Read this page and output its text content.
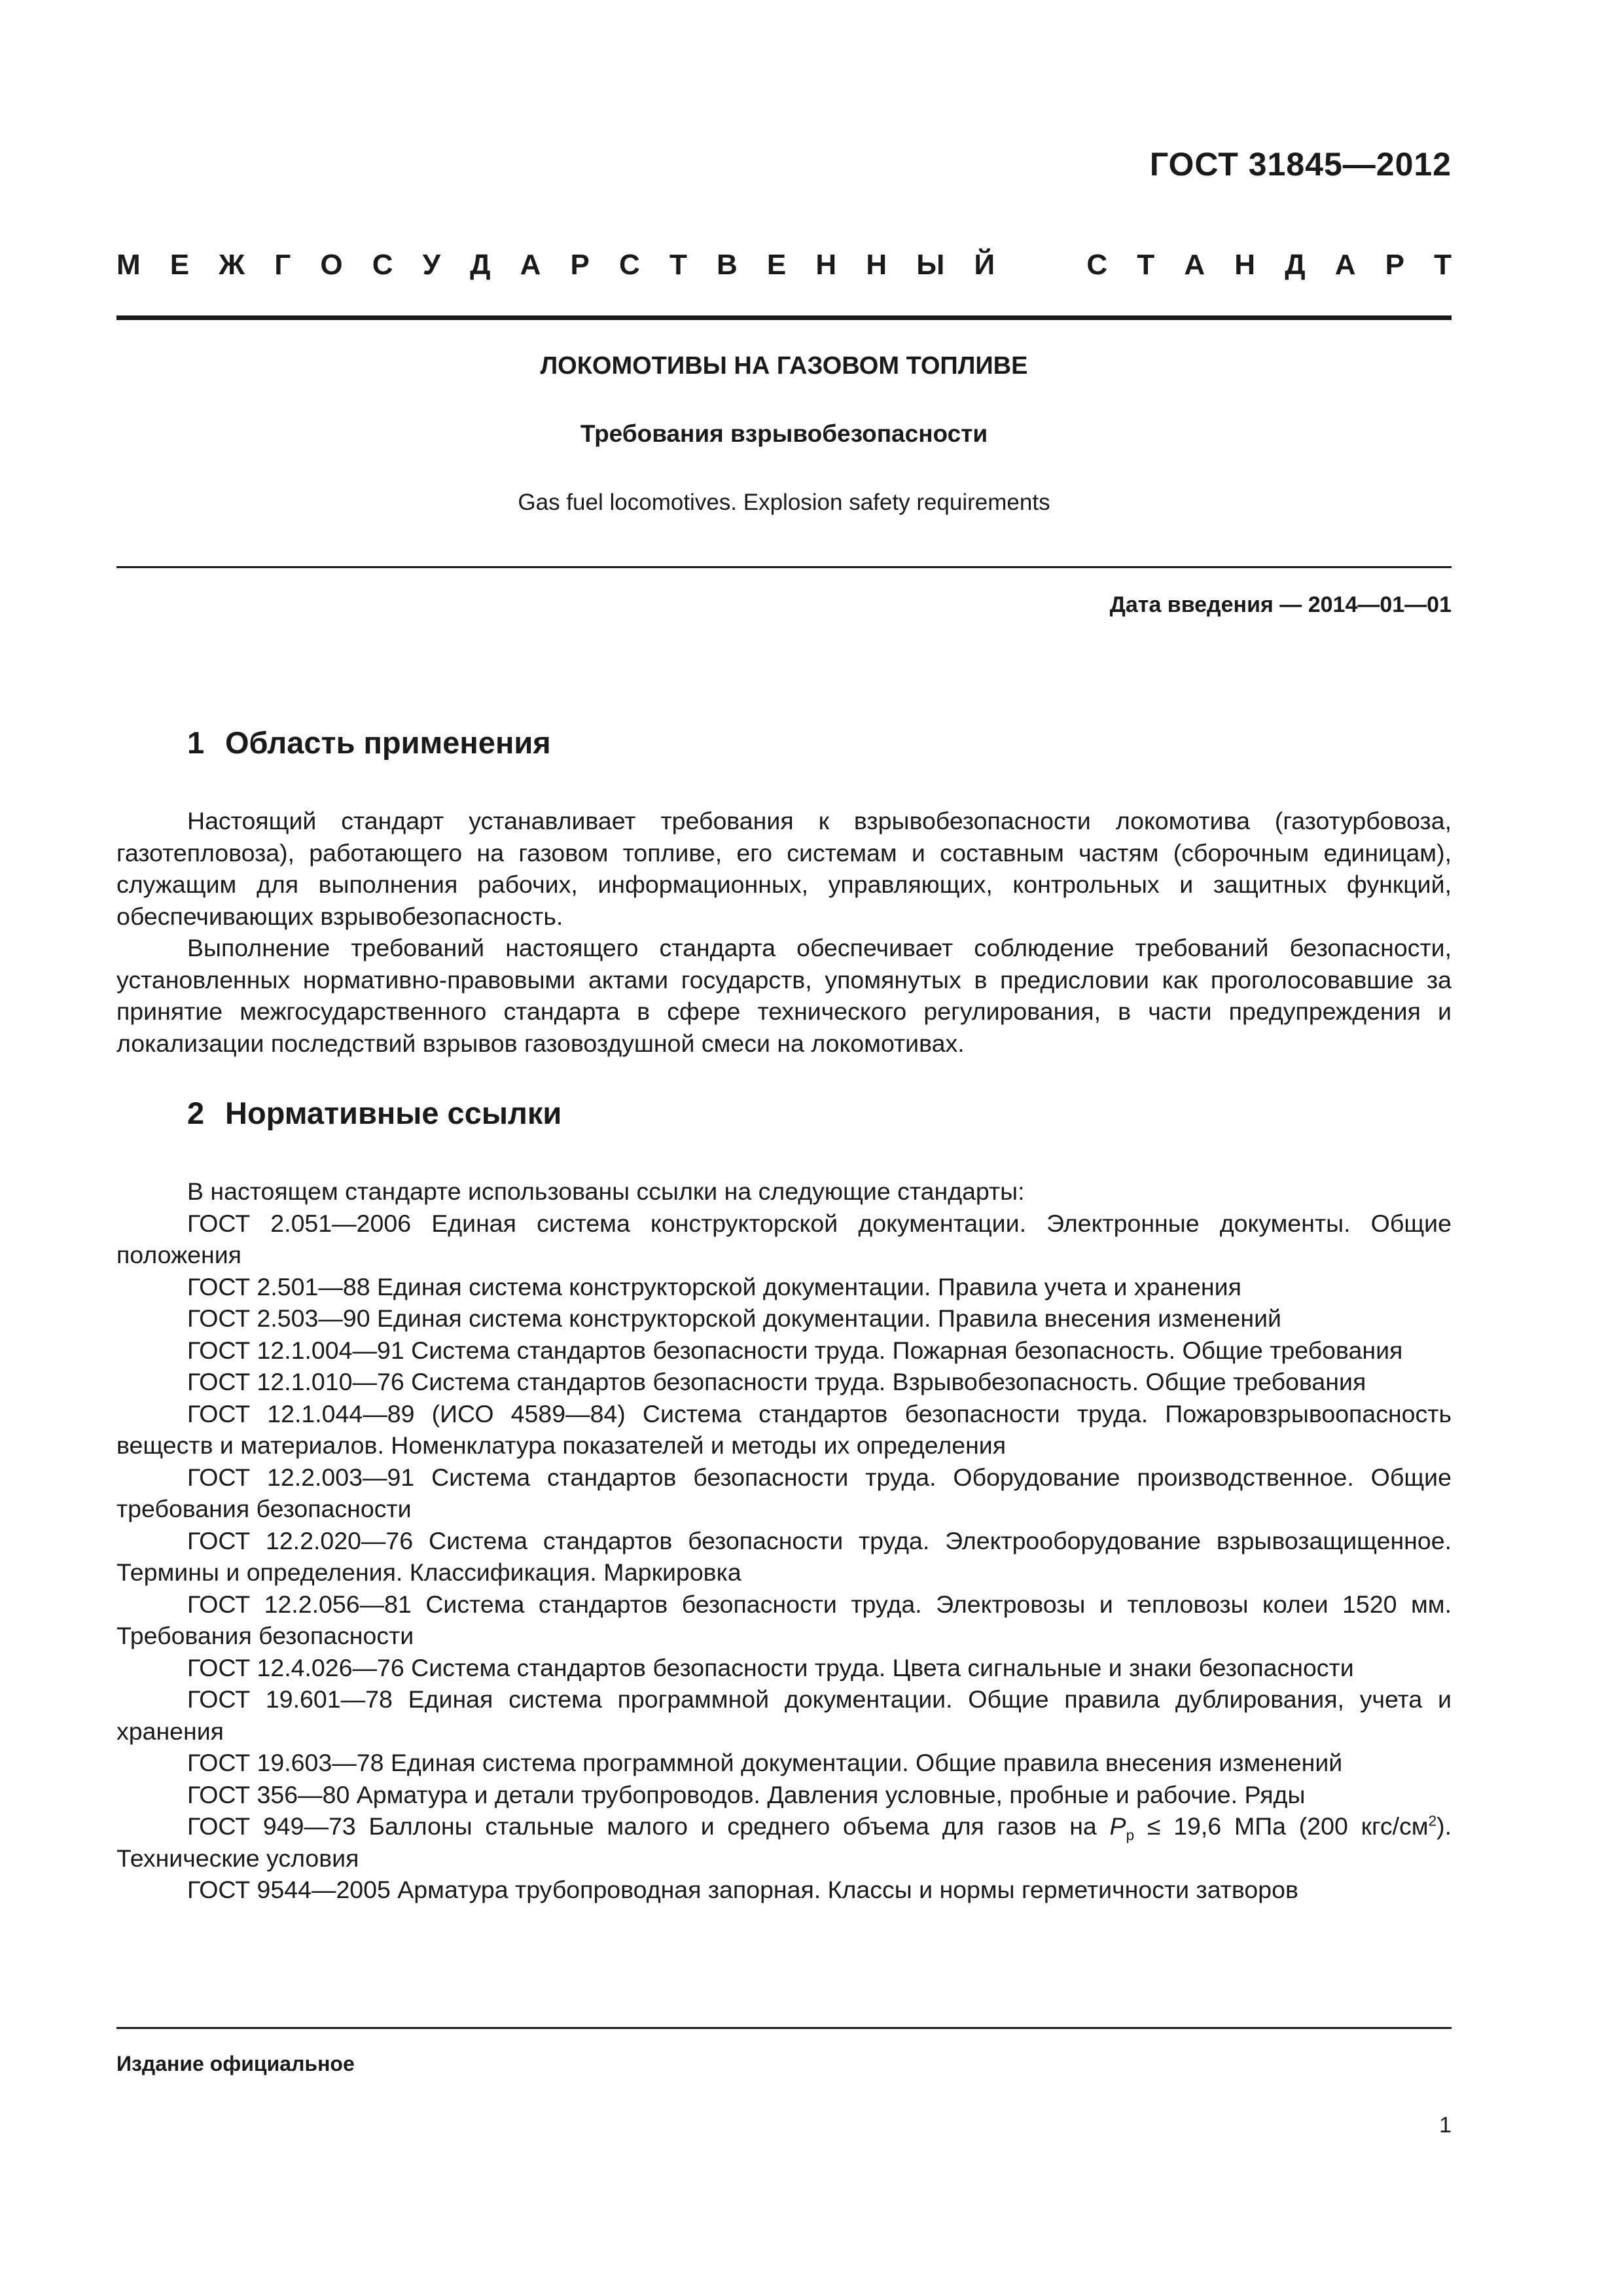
ГОСТ 31845—2012
М Е Ж Г О С У Д А Р С Т В Е Н Н Ы Й	С Т А Н Д А Р Т
ЛОКОМОТИВЫ НА ГАЗОВОМ ТОПЛИВЕ
Требования взрывобезопасности
Gas fuel locomotives. Explosion safety requirements
Дата введения — 2014—01—01
1 Область применения

Настоящий стандарт устанавливает требования к взрывобезопасности локомотива (газотурбовоза, газотепловоза), работающего на газовом топливе, его системам и составным частям (сборочным единицам), служащим для выполнения рабочих, информационных, управляющих, контрольных и защитных функций, обеспечивающих взрывобезопасность.

Выполнение требований настоящего стандарта обеспечивает соблюдение требований безопасности, установленных нормативно-правовыми актами государств, упомянутых в предисловии как проголосовавшие за принятие межгосударственного стандарта в сфере технического регулирования, в части предупреждения и локализации последствий взрывов газовоздушной смеси на локомотивах.

2 Нормативные ссылки

В настоящем стандарте использованы ссылки на следующие стандарты:

ГОСТ 2.051—2006 Единая система конструкторской документации. Электронные документы. Общие положения

ГОСТ 2.501—88 Единая система конструкторской документации. Правила учета и хранения

ГОСТ 2.503—90 Единая система конструкторской документации. Правила внесения изменений

ГОСТ 12.1.004—91 Система стандартов безопасности труда. Пожарная безопасность. Общие требования

ГОСТ 12.1.010—76 Система стандартов безопасности труда. Взрывобезопасность. Общие требования

ГОСТ 12.1.044—89 (ИСО 4589—84) Система стандартов безопасности труда. Пожаровзрывоопасность веществ и материалов. Номенклатура показателей и методы их определения

ГОСТ 12.2.003—91 Система стандартов безопасности труда. Оборудование производственное. Общие требования безопасности

ГОСТ 12.2.020—76 Система стандартов безопасности труда. Электрооборудование взрывозащищенное. Термины и определения. Классификация. Маркировка

ГОСТ 12.2.056—81 Система стандартов безопасности труда. Электровозы и тепловозы колеи 1520 мм. Требования безопасности

ГОСТ 12.4.026—76 Система стандартов безопасности труда. Цвета сигнальные и знаки безопасности

ГОСТ 19.601—78 Единая система программной документации. Общие правила дублирования, учета и хранения

ГОСТ 19.603—78 Единая система программной документации. Общие правила внесения изменений

ГОСТ 356—80 Арматура и детали трубопроводов. Давления условные, пробные и рабочие. Ряды

ГОСТ 949—73 Баллоны стальные малого и среднего объема для газов на $P_р \le 19,6$ МПа (200 кгс/$см^2$). Технические условия

ГОСТ 9544—2005 Арматура трубопроводная запорная. Классы и нормы герметичности затворов

Издание официальное
1
